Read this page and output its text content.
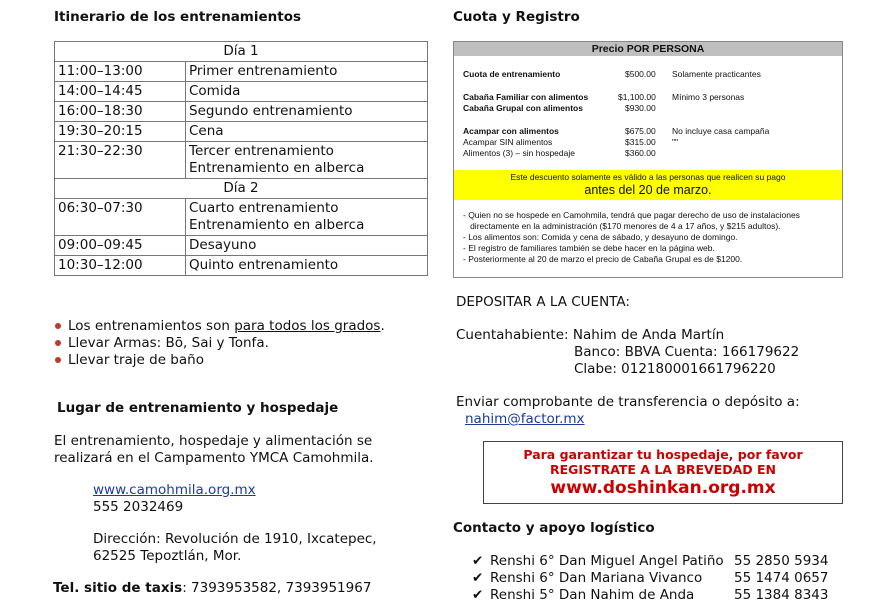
Itinerario de los entrenamientos
Día 1	
11:00–13:00	Primer entrenamiento
14:00–14:45	Comida
16:00–18:30	Segundo entrenamiento
19:30–20:15	Cena
21:30–22:30	Tercer entrenamiento
Entrenamiento en alberca

Día 2	
06:30–07:30	Cuarto entrenamiento
Entrenamiento en alberca

09:00–09:45	Desayuno
10:30–12:00	Quinto entrenamiento
Los entrenamientos son para todos los grados.
Llevar Armas: Bō, Sai y Tonfa.
Llevar traje de baño
Lugar de entrenamiento y hospedaje
El entrenamiento, hospedaje y alimentación se
realizará en el Campamento YMCA Camohmila.
www.camohmila.org.mx
555 2032469
Dirección: Revolución de 1910, Ixcatepec,
62525 Tepoztlán, Mor.
Tel. sitio de taxis: 7393953582, 7393951967
Cuota y Registro
Precio POR PERSONA
Cuota de entrenamiento	$500.00 Solamente practicantes
Cabaña Familiar con alimentos	$1,100.00 Mínimo 3 personas
Cabaña Grupal con alimentos	$930.00
Acampar con alimentos	$675.00 No incluye casa campaña
Acampar SIN alimentos	$315.00 ""
Alimentos (3) – sin hospedaje	$360.00
Este descuento solamente es válido a las personas que realicen su pago
antes del 20 de marzo.
- Quien no se hospede en Camohmila, tendrá que pagar derecho de uso de instalaciones
directamente en la administración ($170 menores de 4 a 17 años, y $215 adultos).
- Los alimentos son: Comida y cena de sábado, y desayuno de domingo.
- El registro de familiares también se debe hacer en la página web.
- Posteriormente al 20 de marzo el precio de Cabaña Grupal es de $1200.
DEPOSITAR A LA CUENTA:
Cuentahabiente: Nahim de Anda Martín
Banco: BBVA Cuenta: 166179622
Clabe: 012180001661796220
Enviar comprobante de transferencia o depósito a:
nahim@factor.mx
Para garantizar tu hospedaje, por favor
REGISTRATE A LA BREVEDAD EN
www.doshinkan.org.mx
Contacto y apoyo logístico
✔ Renshi 6° Dan Miguel Angel Patiño 55 2850 5934
✔ Renshi 6° Dan Mariana Vivanco 55 1474 0657
✔ Renshi 5° Dan Nahim de Anda	55 1384 8343
